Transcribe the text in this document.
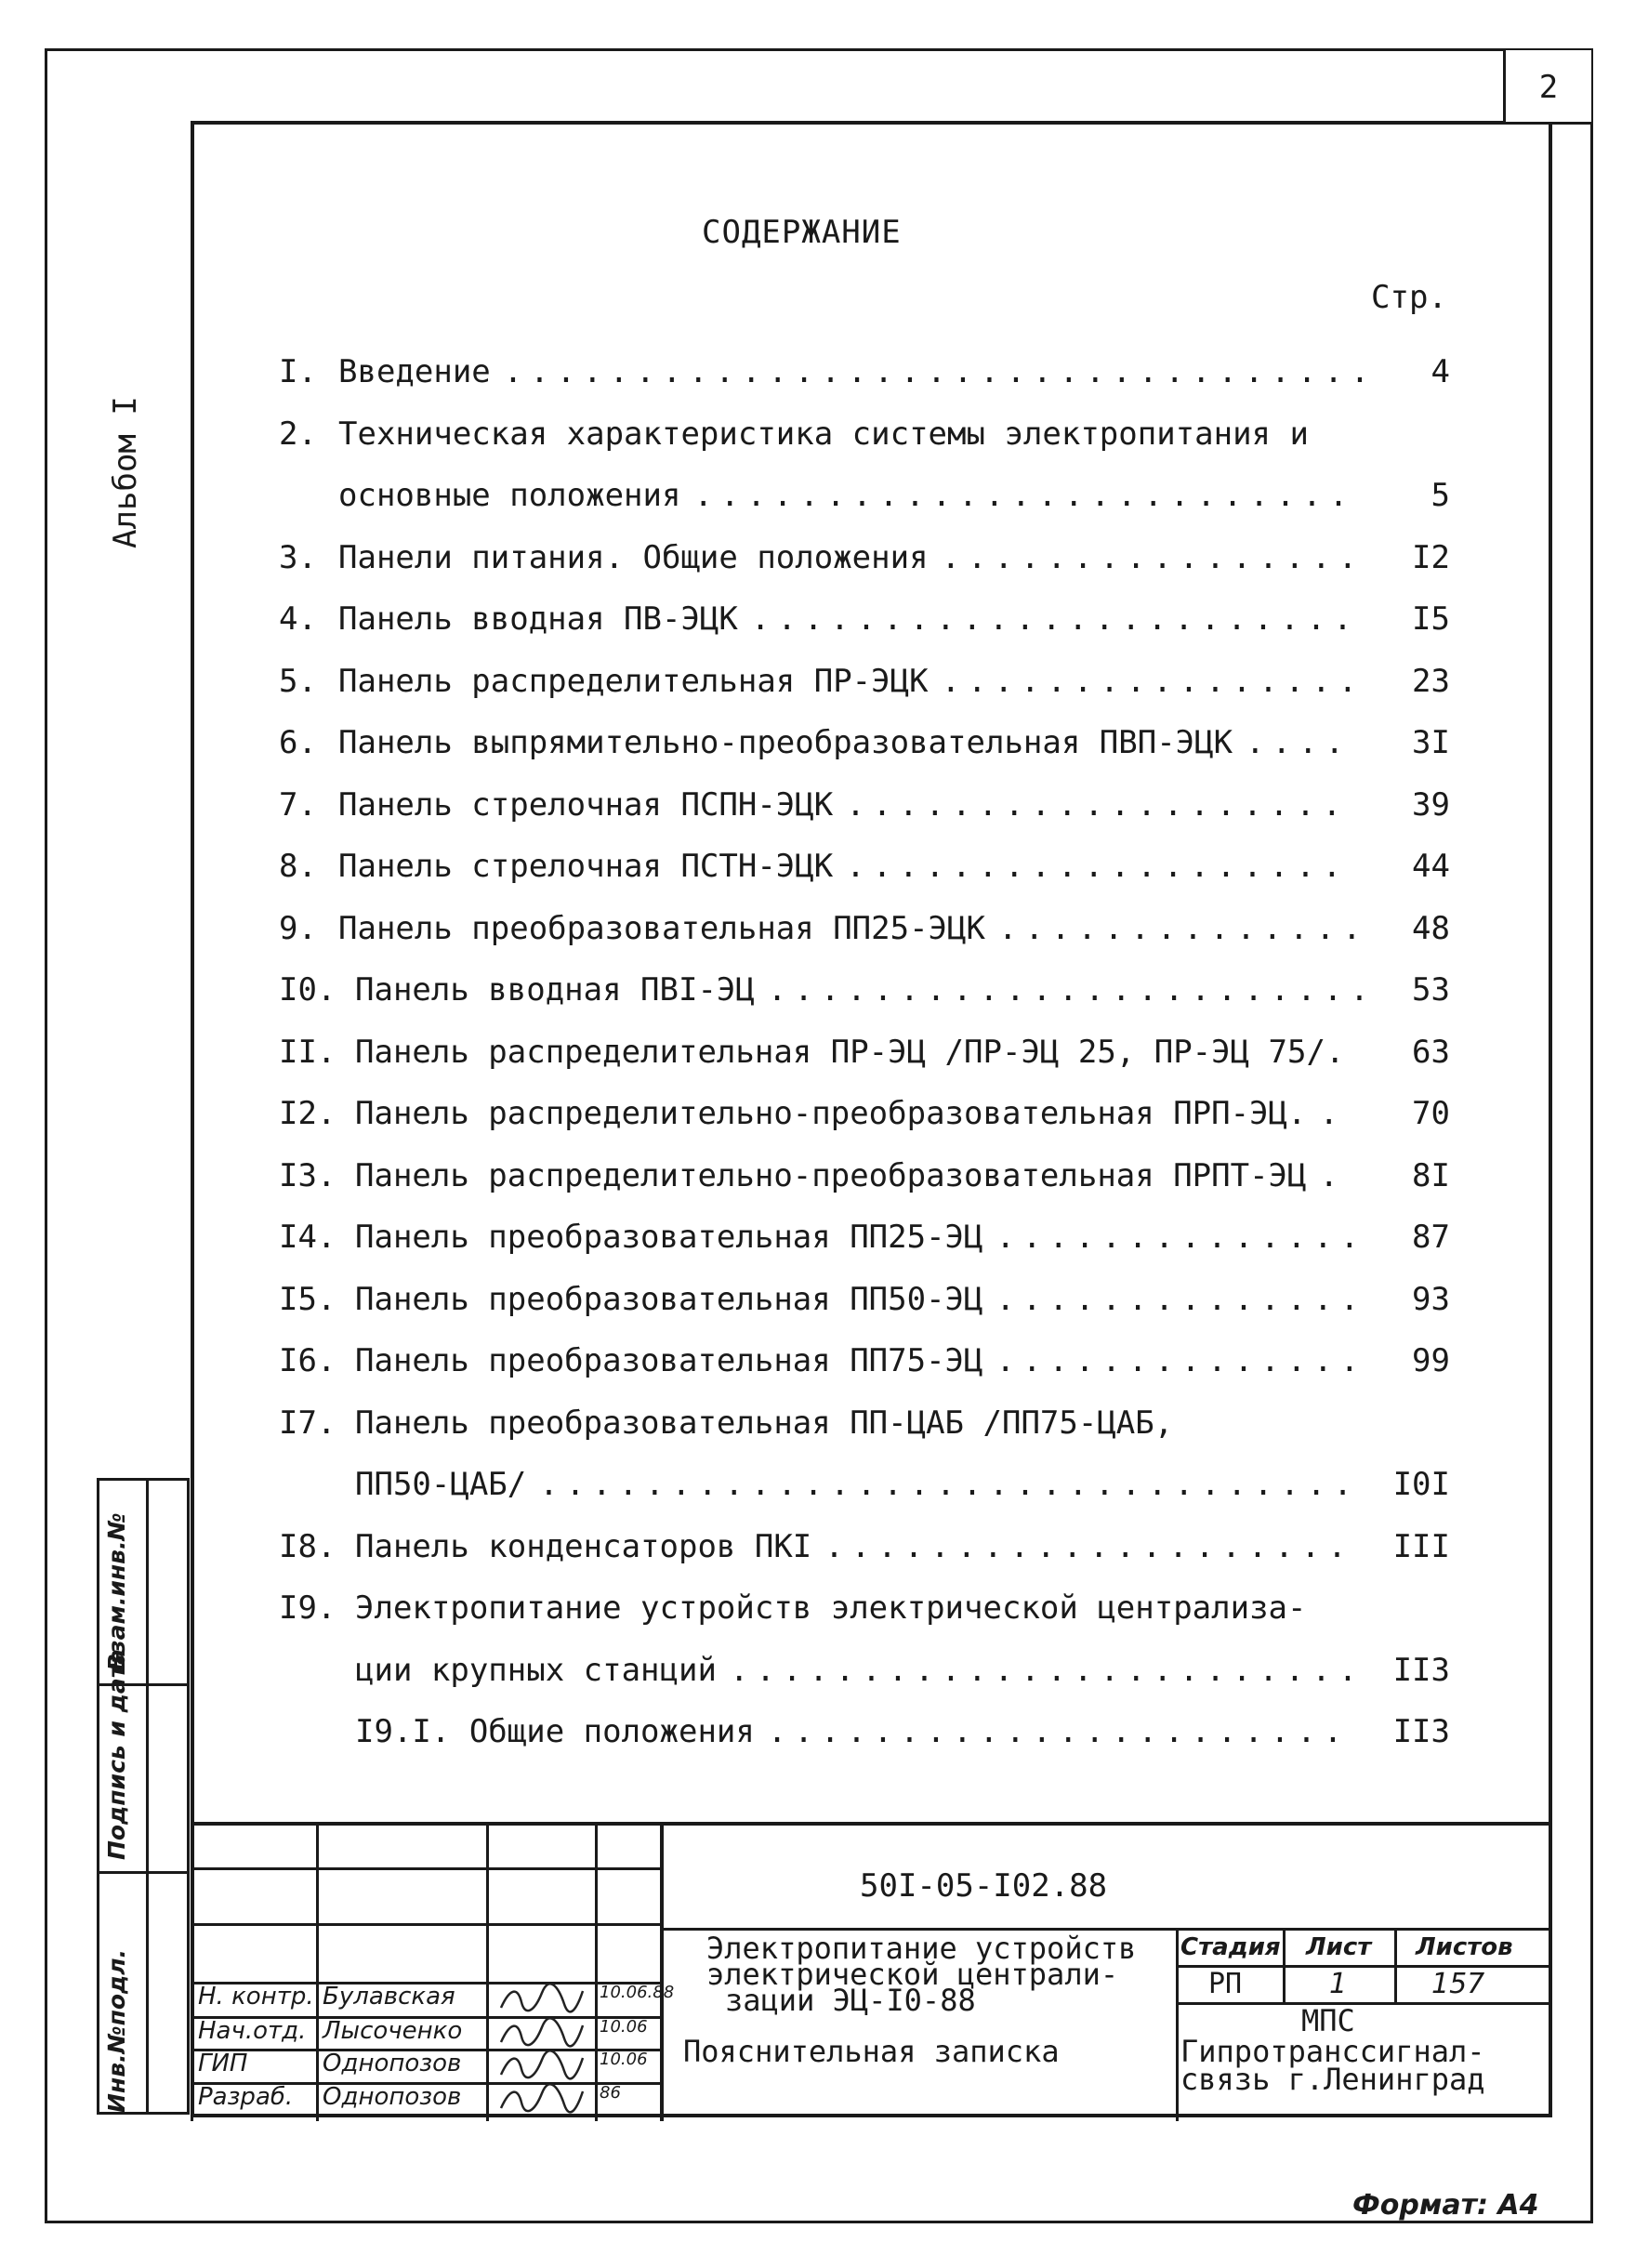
2
Альбом I
СОДЕРЖАНИЕ
Стр.
I. Введение ................................. 4
2. Техническая характеристика системы электропитания и
основные положения ......................... 5
3. Панели питания. Общие положения ................ I2
4. Панель вводная ПВ-ЭЦК ....................... I5
5. Панель распределительная ПР-ЭЦК ................ 23
6. Панель выпрямительно-преобразовательная ПВП-ЭЦК .... 3I
7. Панель стрелочная ПСПН-ЭЦК ................... 39
8. Панель стрелочная ПСТН-ЭЦК ................... 44
9. Панель преобразовательная ПП25-ЭЦК .............. 48
I0. Панель вводная ПВI-ЭЦ ....................... 53
II. Панель распределительная ПР-ЭЦ /ПР-ЭЦ 25, ПР-ЭЦ 75/. 63
I2. Панель распределительно-преобразовательная ПРП-ЭЦ. . 70
I3. Панель распределительно-преобразовательная ПРПТ-ЭЦ . 8I
I4. Панель преобразовательная ПП25-ЭЦ .............. 87
I5. Панель преобразовательная ПП50-ЭЦ .............. 93
I6. Панель преобразовательная ПП75-ЭЦ .............. 99
I7. Панель преобразовательная ПП-ЦАБ /ПП75-ЦАБ,
ПП50-ЦАБ/ ............................... I0I
I8. Панель конденсаторов ПКI .................... III
I9. Электропитание устройств электрической централиза-
ции крупных станций ........................ II3
I9.I. Общие положения ...................... II3
Инв.№подл.
Подпись и дата
Взам.инв.№
50I-05-I02.88
Электропитание устройств
электрической централи-
зации ЭЦ-I0-88
Пояснительная записка
Стадия Лист Листов
РП	1	157
МПС
Гипротранссигнал-
связь г.Ленинград
Н. контр. Булавская	10.06.88
Нач.отд. Лысоченко	10.06
ГИП	Однопозов	10.06
Разраб. Однопозов	86
Формат: А4
